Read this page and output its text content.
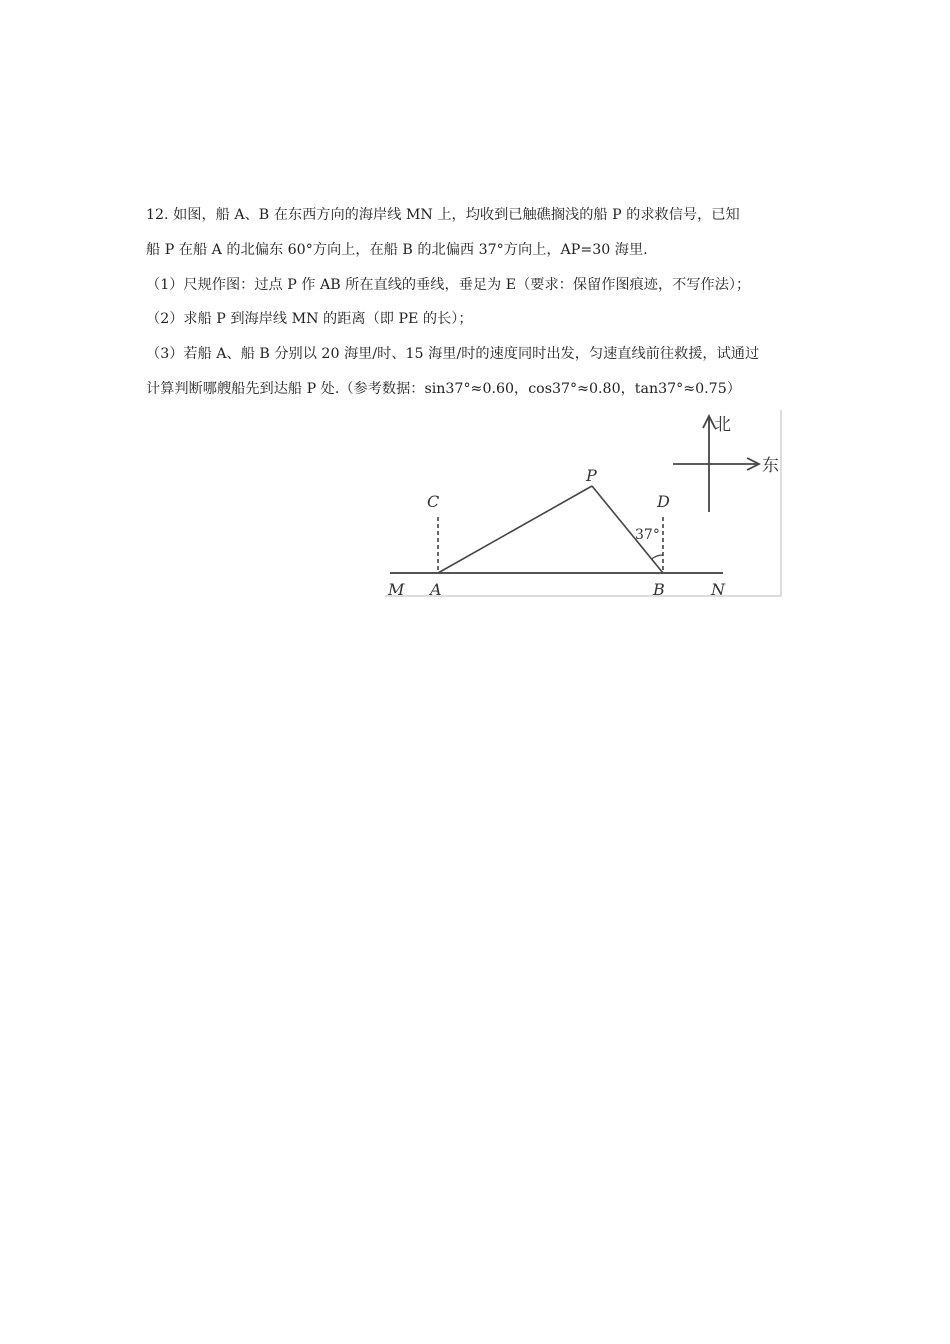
12. 如图，船 A、B 在东西方向的海岸线 MN 上，均收到已触礁搁浅的船 P 的求救信号，已知
船 P 在船 A 的北偏东 60°方向上，在船 B 的北偏西 37°方向上，AP=30 海里.
（1）尺规作图：过点 P 作 AB 所在直线的垂线，垂足为 E（要求：保留作图痕迹，不写作法）；
（2）求船 P 到海岸线 MN 的距离（即 PE 的长）；
（3）若船 A、船 B 分别以 20 海里/时、15 海里/时的速度同时出发，匀速直线前往救援，试通过
计算判断哪艘船先到达船 P 处.（参考数据：sin37°≈0.60，cos37°≈0.80，tan37°≈0.75）
M A	B	N
P
C	D
37°
北
东
